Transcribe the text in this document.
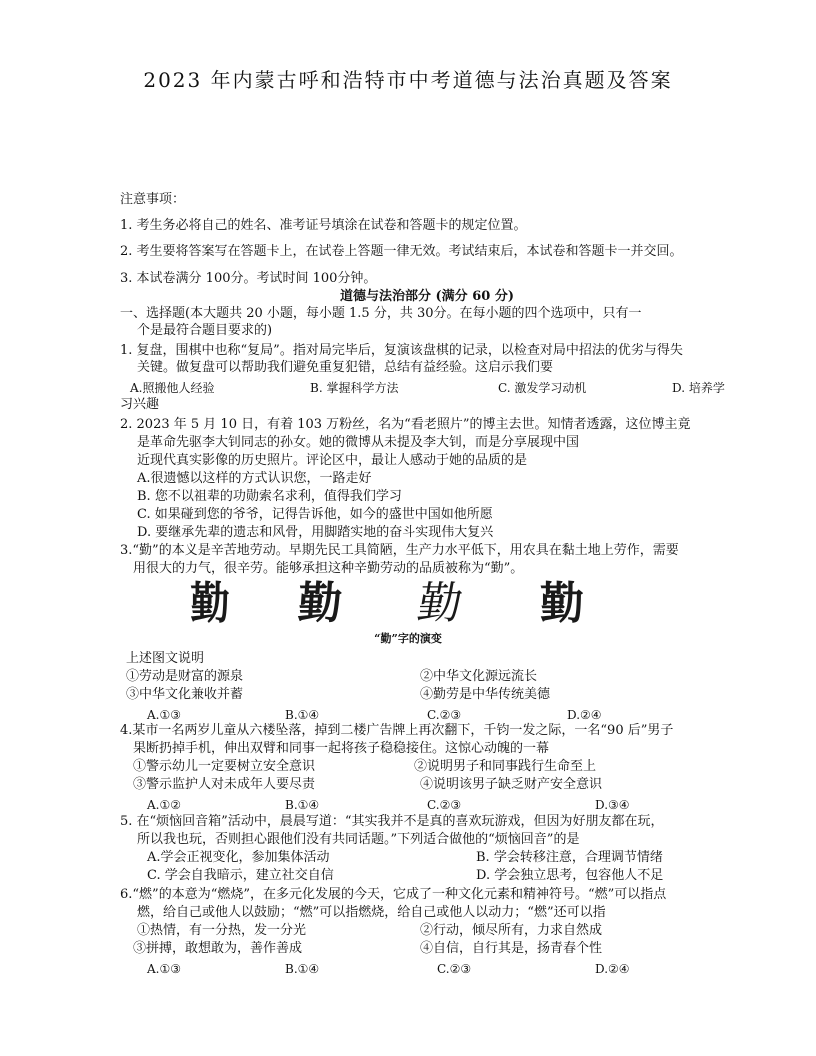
2023 年内蒙古呼和浩特市中考道德与法治真题及答案
注意事项：
1. 考生务必将自己的姓名、准考证号填涂在试卷和答题卡的规定位置。
2. 考生要将答案写在答题卡上，在试卷上答题一律无效。考试结束后，本试卷和答题卡一并交回。
3. 本试卷满分 100分。考试时间 100分钟。
道德与法治部分 (满分 60 分)
一、选择题(本大题共 20 小题，每小题 1.5 分，共 30分。在每小题的四个选项中，只有一
个是最符合题目要求的)
1. 复盘，围棋中也称“复局”。指对局完毕后，复演该盘棋的记录，以检查对局中招法的优劣与得失
关键。做复盘可以帮助我们避免重复犯错，总结有益经验。这启示我们要
A.照搬他人经验	B. 掌握科学方法	C. 激发学习动机	D. 培养学
习兴趣
2. 2023 年 5 月 10 日，有着 103 万粉丝，名为“看老照片”的博主去世。知情者透露，这位博主竟
是革命先驱李大钊同志的孙女。她的微博从未提及李大钊，而是分享展现中国
近现代真实影像的历史照片。评论区中，最让人感动于她的品质的是
A.很遗憾以这样的方式认识您，一路走好
B. 您不以祖辈的功勋索名求利，值得我们学习
C. 如果碰到您的爷爷，记得告诉他，如今的盛世中国如他所愿
D. 要继承先辈的遗志和风骨，用脚踏实地的奋斗实现伟大复兴
3.“勤”的本义是辛苦地劳动。早期先民工具简陋，生产力水平低下，用农具在黏土地上劳作，需要
用很大的力气，很辛劳。能够承担这种辛勤劳动的品质被称为“勤”。
勤 勤 勤 勤
“勤”字的演变
上述图文说明
①劳动是财富的源泉	②中华文化源远流长
③中华文化兼收并蓄	④勤劳是中华传统美德
A.①③	B.①④	C.②③	D.②④
4.某市一名两岁儿童从六楼坠落，掉到二楼广告牌上再次翻下，千钧一发之际，一名“90 后”男子
果断扔掉手机，伸出双臂和同事一起将孩子稳稳接住。这惊心动魄的一幕
①警示幼儿一定要树立安全意识	②说明男子和同事践行生命至上
③警示监护人对未成年人要尽责	④说明该男子缺乏财产安全意识
A.①②	B.①④	C.②③	D.③④
5. 在“烦恼回音箱”活动中，晨晨写道：“其实我并不是真的喜欢玩游戏，但因为好朋友都在玩，
所以我也玩，否则担心跟他们没有共同话题。”下列适合做他的“烦恼回音”的是
A.学会正视变化，参加集体活动	B. 学会转移注意，合理调节情绪
C. 学会自我暗示，建立社交自信	D. 学会独立思考，包容他人不足
6.“燃”的本意为“燃烧”，在多元化发展的今天，它成了一种文化元素和精神符号。“燃”可以指点
燃，给自己或他人以鼓励；“燃”可以指燃烧，给自己或他人以动力；“燃”还可以指
①热情，有一分热，发一分光	②行动，倾尽所有，力求自然成
③拼搏，敢想敢为，善作善成	④自信，自行其是，扬青春个性
A.①③	B.①④	C.②③	D.②④
